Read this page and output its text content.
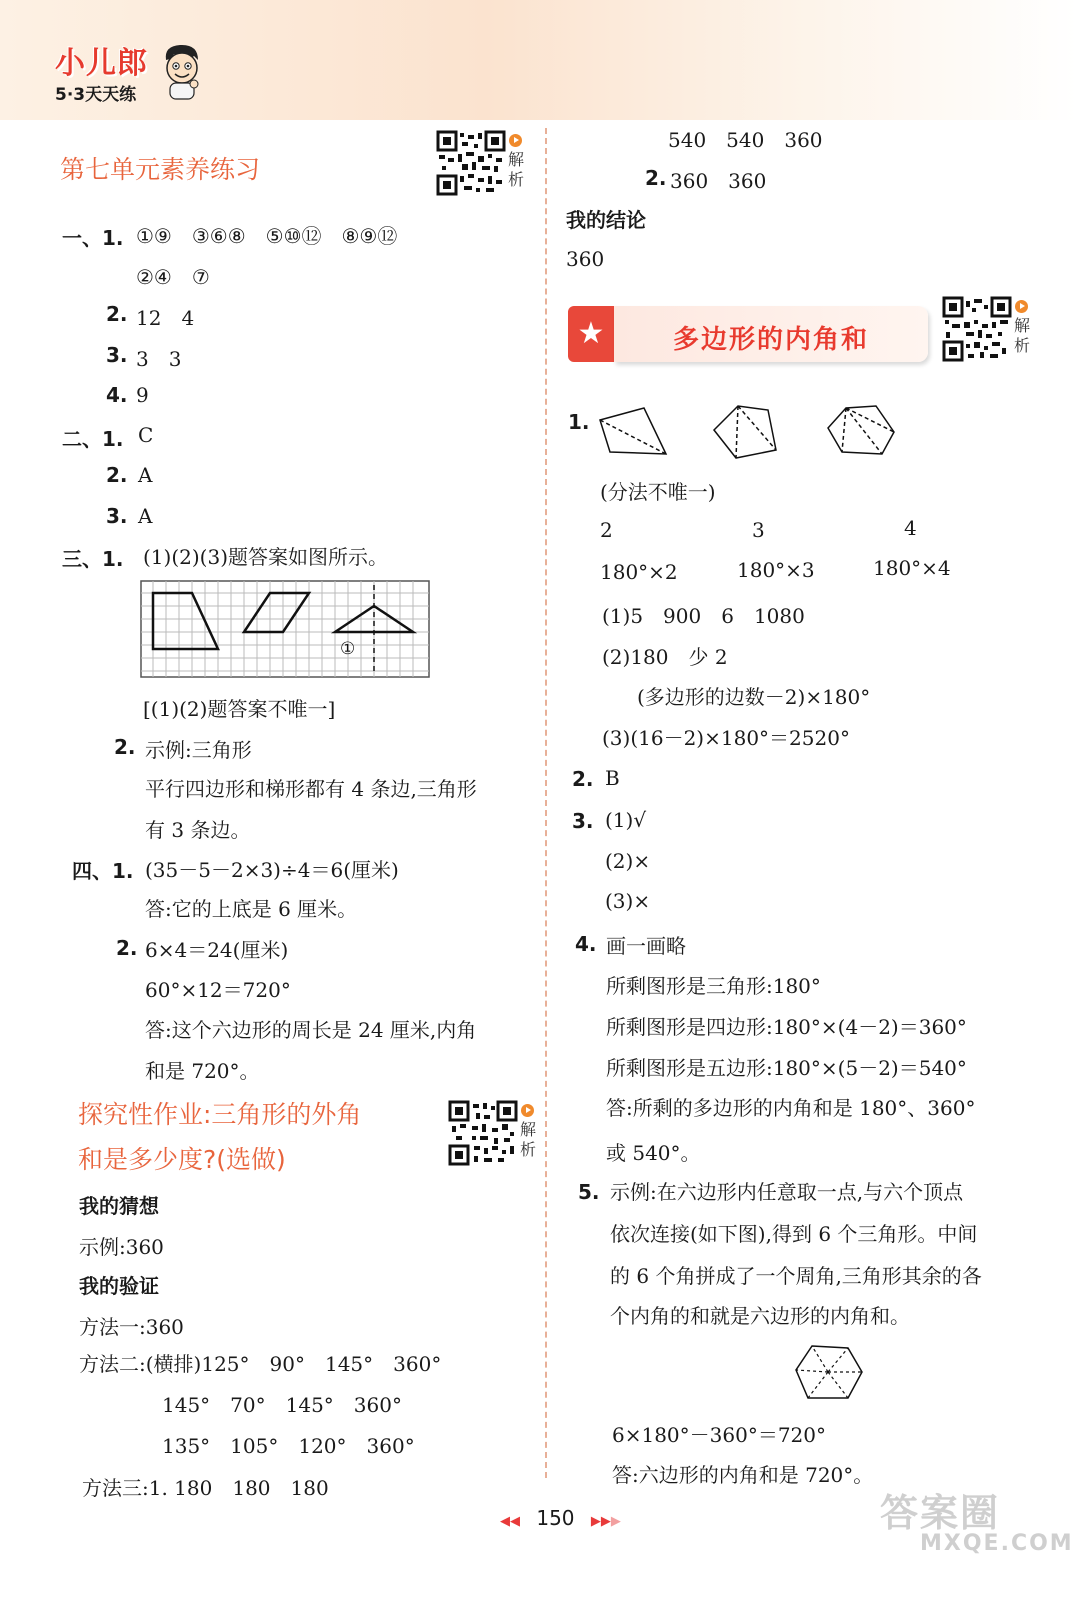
小儿郎
5·3天天练
第七单元素养练习	解析
一、1. ①⑨　③⑥⑧　⑤⑩⑫　⑧⑨⑫
②④　⑦
2. 12　4
3. 3　3
4. 9
二、1. C
2. A
3. A
三、1. (1)(2)(3)题答案如图所示。
①
[(1)(2)题答案不唯一]
2. 示例:三角形
平行四边形和梯形都有 4 条边,三角形
有 3 条边。
四、1. (35－5－2×3)÷4＝6(厘米)
答:它的上底是 6 厘米。
2. 6×4＝24(厘米)
60°×12＝720°
答:这个六边形的周长是 24 厘米,内角
和是 720°。
探究性作业:三角形的外角
和是多少度?(选做)
解析
我的猜想
示例:360
我的验证
方法一:360
方法二:(横排)125°　90°　145°　360°
145°　70°　145°　360°
135°　105°　120°　360°
方法三:1. 180　180　180
540　540　360
2. 360　360
我的结论
360
★	多边形的内角和	解析
1.
(分法不唯一)
2	3	4
180°×2	180°×3	180°×4
(1)5　900　6　1080
(2)180　少 2
(多边形的边数－2)×180°
(3)(16－2)×180°＝2520°
2. B
3. (1)√
(2)×
(3)×
4. 画一画略
所剩图形是三角形:180°
所剩图形是四边形:180°×(4－2)＝360°
所剩图形是五边形:180°×(5－2)＝540°
答:所剩的多边形的内角和是 180°、360°
或 540°。
5. 示例:在六边形内任意取一点,与六个顶点
依次连接(如下图),得到 6 个三角形。中间
的 6 个角拼成了一个周角,三角形其余的各
个内角的和就是六边形的内角和。
6×180°－360°＝720°
答:六边形的内角和是 720°。
◀◀ 150 ▶▶▶	答案圈
MXQE.COM
